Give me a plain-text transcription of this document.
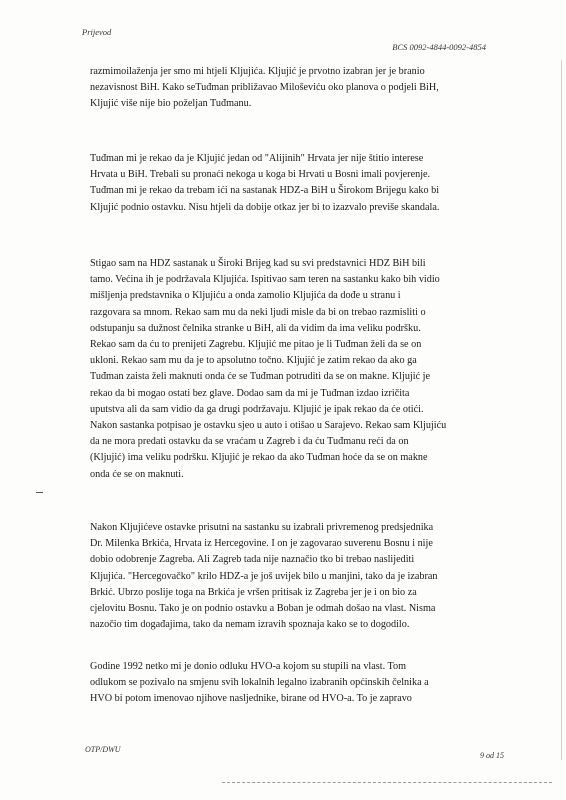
Prijevod
BCS 0092-4844-0092-4854
razmimoilaženja jer smo mi htjeli Kljujića. Kljujić je prvotno izabran jer je branio
nezavisnost BiH. Kako seTuđman približavao Miloševiću oko planova o podjeli BiH,
Kljujić više nije bio poželjan Tuđmanu.
Tuđman mi je rekao da je Kljujić jedan od "Alijinih" Hrvata jer nije štitio interese
Hrvata u BiH. Trebali su pronaći nekoga u koga bi Hrvati u Bosni imali povjerenje.
Tuđman mi je rekao da trebam ići na sastanak HDZ-a BiH u Širokom Brijegu kako bi
Kljujić podnio ostavku. Nisu htjeli da dobije otkaz jer bi to izazvalo previše skandala.
Stigao sam na HDZ sastanak u Široki Brijeg kad su svi predstavnici HDZ BiH bili
tamo. Većina ih je podržavala Kljujića. Ispitivao sam teren na sastanku kako bih vidio
mišljenja predstavnika o Kljujiću a onda zamolio Kljujića da dođe u stranu i
razgovara sa mnom. Rekao sam mu da neki ljudi misle da bi on trebao razmisliti o
odstupanju sa dužnost čelnika stranke u BiH, ali da vidim da ima veliku podršku.
Rekao sam da ću to prenijeti Zagrebu. Kljujić me pitao je li Tuđman želi da se on
ukloni. Rekao sam mu da je to apsolutno točno. Kljujić je zatim rekao da ako ga
Tuđman zaista želi maknuti onda će se Tuđman potruditi da se on makne. Kljujić je
rekao da bi mogao ostati bez glave. Dodao sam da mi je Tuđman izdao izričita
uputstva ali da sam vidio da ga drugi podržavaju. Kljujić je ipak rekao da će otići.
Nakon sastanka potpisao je ostavku sjeo u auto i otišao u Sarajevo. Rekao sam Kljujiću
da ne mora predati ostavku da se vraćam u Zagreb i da ću Tuđmanu reći da on
(Kljujić) ima veliku podršku. Kljujić je rekao da ako Tuđman hoće da se on makne
onda će se on maknuti.
Nakon Kljujićeve ostavke prisutni na sastanku su izabrali privremenog predsjednika
Dr. Milenka Brkića, Hrvata iz Hercegovine. I on je zagovarao suverenu Bosnu i nije
dobio odobrenje Zagreba. Ali Zagreb tada nije naznačio tko bi trebao naslijediti
Kljujića. "Hercegovačko" krilo HDZ-a je još uvijek bilo u manjini, tako da je izabran
Brkić. Ubrzo poslije toga na Brkića je vršen pritisak iz Zagreba jer je i on bio za
cjelovitu Bosnu. Tako je on podnio ostavku a Boban je odmah došao na vlast. Nisma
nazočio tim događajima, tako da nemam izravih spoznaja kako se to dogodilo.
Godine 1992 netko mi je donio odluku HVO-a kojom su stupili na vlast. Tom
odlukom se pozivalo na smjenu svih lokalnih legalno izabranih općinskih čelnika a
HVO bi potom imenovao njihove nasljednike, birane od HVO-a. To je zapravo
OTP/DWU
9 od 15
